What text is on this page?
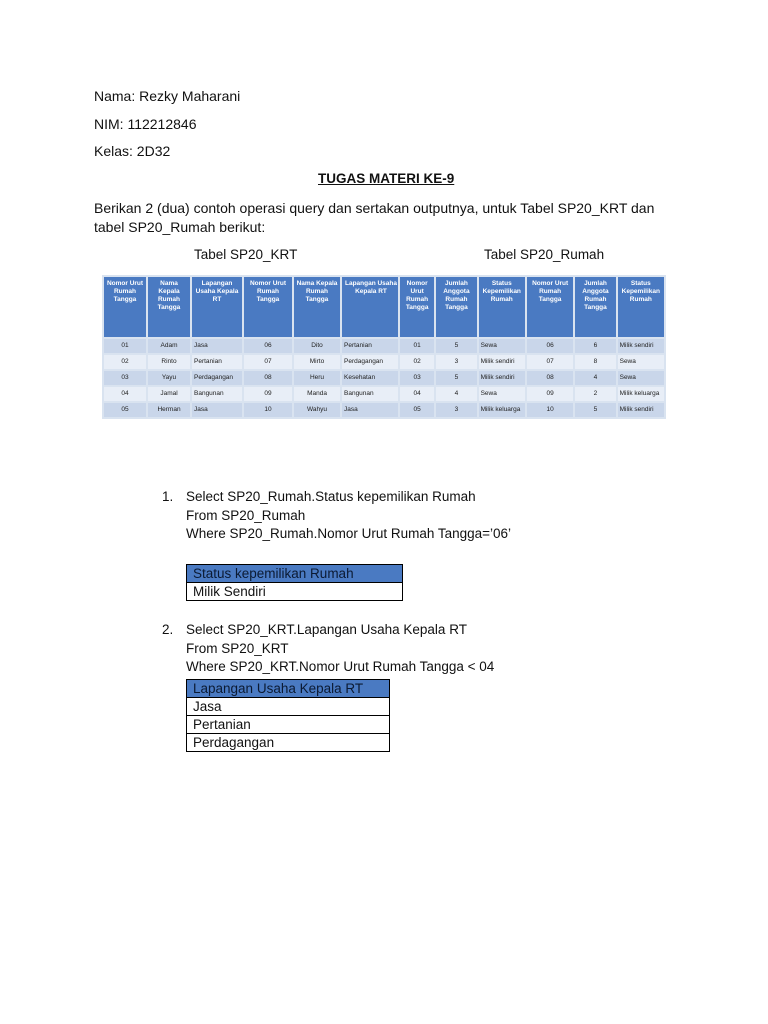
Nama: Rezky Maharani
NIM: 112212846
Kelas: 2D32
TUGAS MATERI KE-9
Berikan 2 (dua) contoh operasi query dan sertakan outputnya, untuk Tabel SP20_KRT dan tabel SP20_Rumah berikut:
Tabel SP20_KRT	Tabel SP20_Rumah
Nomor Urut Rumah Tangga	Nama Kepala Rumah Tangga	Lapangan Usaha Kepala RT	Nomor Urut Rumah Tangga	Nama Kepala Rumah Tangga	Lapangan Usaha Kepala RT
01	Adam	Jasa	06	Dito	Pertanian
02	Rinto	Pertanian	07	Mirto	Perdagangan
03	Yayu	Perdagangan	08	Heru	Kesehatan
04	Jamal	Bangunan	09	Manda	Bangunan
05	Herman	Jasa	10	Wahyu	Jasa
Nomor Urut Rumah Tangga	Jumlah Anggota Rumah Tangga	Status Kepemilikan Rumah	Nomor Urut Rumah Tangga	Jumlah Anggota Rumah Tangga	Status Kepemilikan Rumah
01	5	Sewa	06	6	Milik sendiri
02	3	Milik sendiri	07	8	Sewa
03	5	Milik sendiri	08	4	Sewa
04	4	Sewa	09	2	Milik keluarga
05	3	Milik keluarga	10	5	Milik sendiri
1. Select SP20_Rumah.Status kepemilikan Rumah
From SP20_Rumah
Where SP20_Rumah.Nomor Urut Rumah Tangga=’06’
Status kepemilikan Rumah
Milik Sendiri
2. Select SP20_KRT.Lapangan Usaha Kepala RT
From SP20_KRT
Where SP20_KRT.Nomor Urut Rumah Tangga < 04
Lapangan Usaha Kepala RT
Jasa
Pertanian
Perdagangan
